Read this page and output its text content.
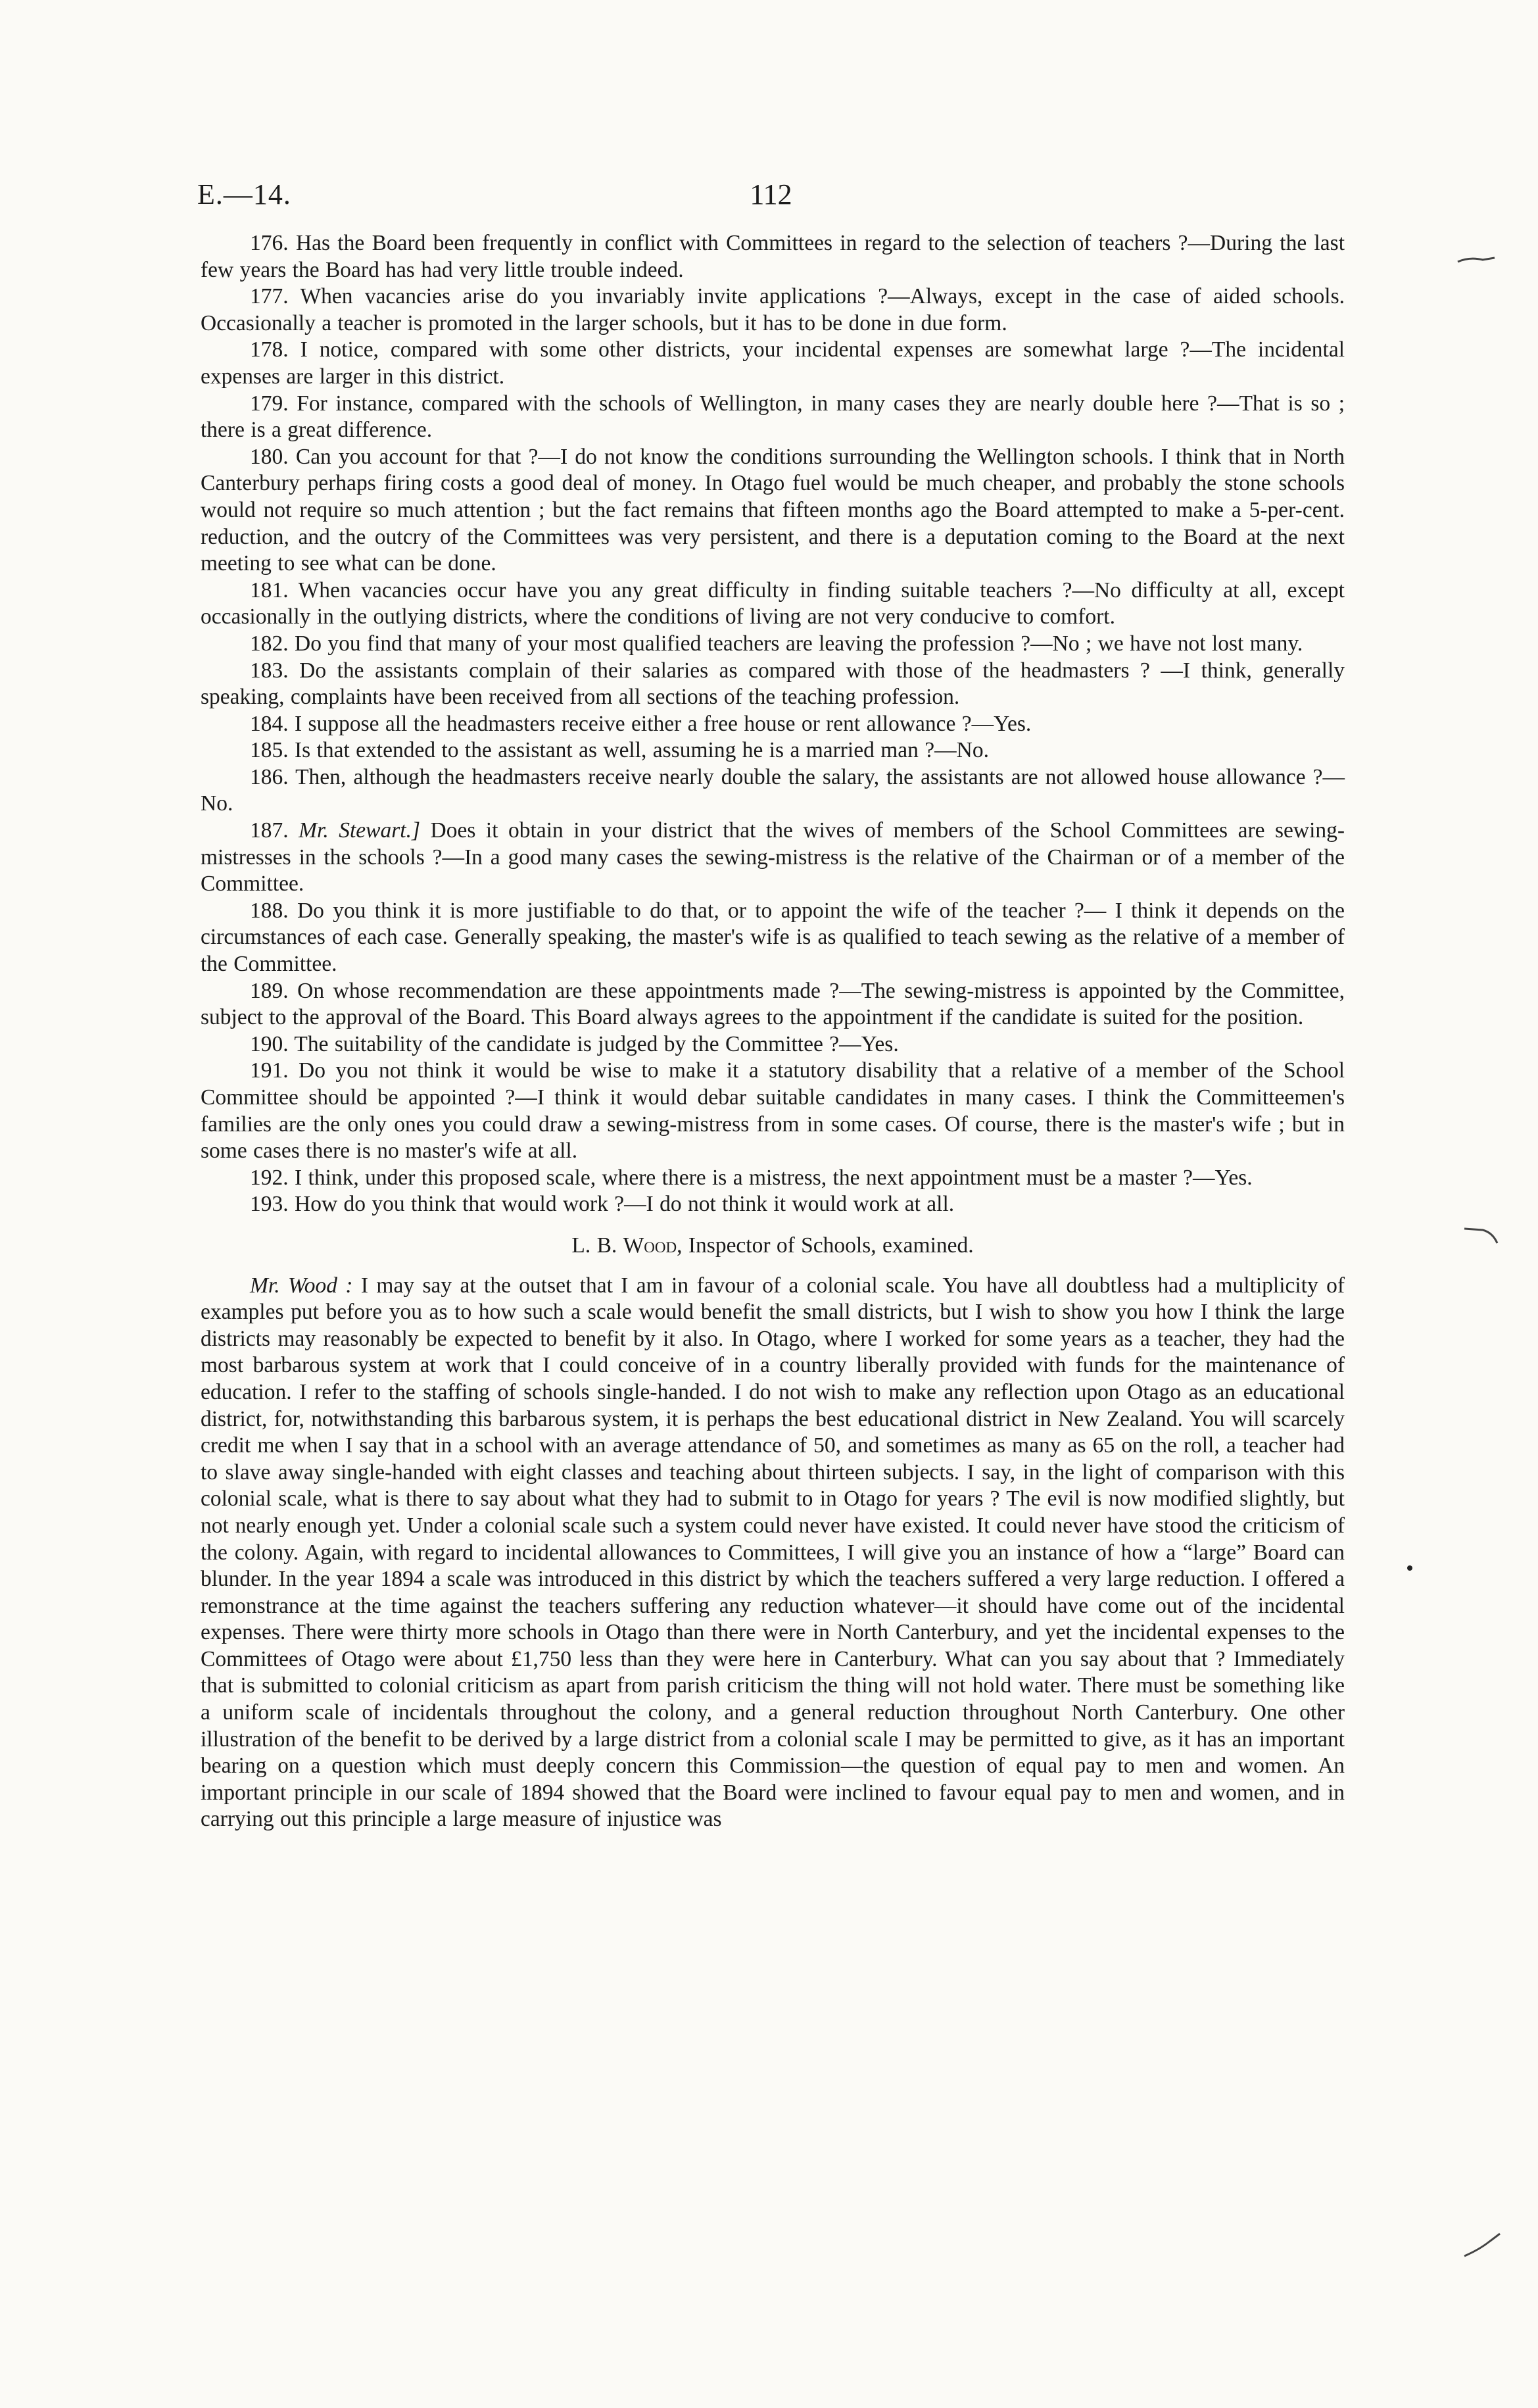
E.—14.	112

176. Has the Board been frequently in conflict with Committees in regard to the selection of teachers ?—During the last few years the Board has had very little trouble indeed.

177. When vacancies arise do you invariably invite applications ?—Always, except in the case of aided schools. Occasionally a teacher is promoted in the larger schools, but it has to be done in due form.

178. I notice, compared with some other districts, your incidental expenses are somewhat large ?—The incidental expenses are larger in this district.

179. For instance, compared with the schools of Wellington, in many cases they are nearly double here ?—That is so ; there is a great difference.

180. Can you account for that ?—I do not know the conditions surrounding the Wellington schools. I think that in North Canterbury perhaps firing costs a good deal of money. In Otago fuel would be much cheaper, and probably the stone schools would not require so much attention ; but the fact remains that fifteen months ago the Board attempted to make a 5-per-cent. reduction, and the outcry of the Committees was very persistent, and there is a deputation coming to the Board at the next meeting to see what can be done.

181. When vacancies occur have you any great difficulty in finding suitable teachers ?—No difficulty at all, except occasionally in the outlying districts, where the conditions of living are not very conducive to comfort.

182. Do you find that many of your most qualified teachers are leaving the profession ?—No ; we have not lost many.

183. Do the assistants complain of their salaries as compared with those of the headmasters ? —I think, generally speaking, complaints have been received from all sections of the teaching profession.

184. I suppose all the headmasters receive either a free house or rent allowance ?—Yes.

185. Is that extended to the assistant as well, assuming he is a married man ?—No.

186. Then, although the headmasters receive nearly double the salary, the assistants are not allowed house allowance ?—No.

187. Mr. Stewart.] Does it obtain in your district that the wives of members of the School Committees are sewing-mistresses in the schools ?—In a good many cases the sewing-mistress is the relative of the Chairman or of a member of the Committee.

188. Do you think it is more justifiable to do that, or to appoint the wife of the teacher ?— I think it depends on the circumstances of each case. Generally speaking, the master's wife is as qualified to teach sewing as the relative of a member of the Committee.

189. On whose recommendation are these appointments made ?—The sewing-mistress is appointed by the Committee, subject to the approval of the Board. This Board always agrees to the appointment if the candidate is suited for the position.

190. The suitability of the candidate is judged by the Committee ?—Yes.

191. Do you not think it would be wise to make it a statutory disability that a relative of a member of the School Committee should be appointed ?—I think it would debar suitable candidates in many cases. I think the Committeemen's families are the only ones you could draw a sewing-mistress from in some cases. Of course, there is the master's wife ; but in some cases there is no master's wife at all.

192. I think, under this proposed scale, where there is a mistress, the next appointment must be a master ?—Yes.

193. How do you think that would work ?—I do not think it would work at all.

L. B. Wood, Inspector of Schools, examined.

Mr. Wood : I may say at the outset that I am in favour of a colonial scale. You have all doubtless had a multiplicity of examples put before you as to how such a scale would benefit the small districts, but I wish to show you how I think the large districts may reasonably be expected to benefit by it also. In Otago, where I worked for some years as a teacher, they had the most barbarous system at work that I could conceive of in a country liberally provided with funds for the maintenance of education. I refer to the staffing of schools single-handed. I do not wish to make any reflection upon Otago as an educational district, for, notwithstanding this barbarous system, it is perhaps the best educational district in New Zealand. You will scarcely credit me when I say that in a school with an average attendance of 50, and sometimes as many as 65 on the roll, a teacher had to slave away single-handed with eight classes and teaching about thirteen subjects. I say, in the light of comparison with this colonial scale, what is there to say about what they had to submit to in Otago for years ? The evil is now modified slightly, but not nearly enough yet. Under a colonial scale such a system could never have existed. It could never have stood the criticism of the colony. Again, with regard to incidental allowances to Committees, I will give you an instance of how a “large” Board can blunder. In the year 1894 a scale was introduced in this district by which the teachers suffered a very large reduction. I offered a remonstrance at the time against the teachers suffering any reduction whatever—it should have come out of the incidental expenses. There were thirty more schools in Otago than there were in North Canterbury, and yet the incidental expenses to the Committees of Otago were about £1,750 less than they were here in Canterbury. What can you say about that ? Immediately that is submitted to colonial criticism as apart from parish criticism the thing will not hold water. There must be something like a uniform scale of incidentals throughout the colony, and a general reduction throughout North Canterbury. One other illustration of the benefit to be derived by a large district from a colonial scale I may be permitted to give, as it has an important bearing on a question which must deeply concern this Commission—the question of equal pay to men and women. An important principle in our scale of 1894 showed that the Board were inclined to favour equal pay to men and women, and in carrying out this principle a large measure of injustice was
